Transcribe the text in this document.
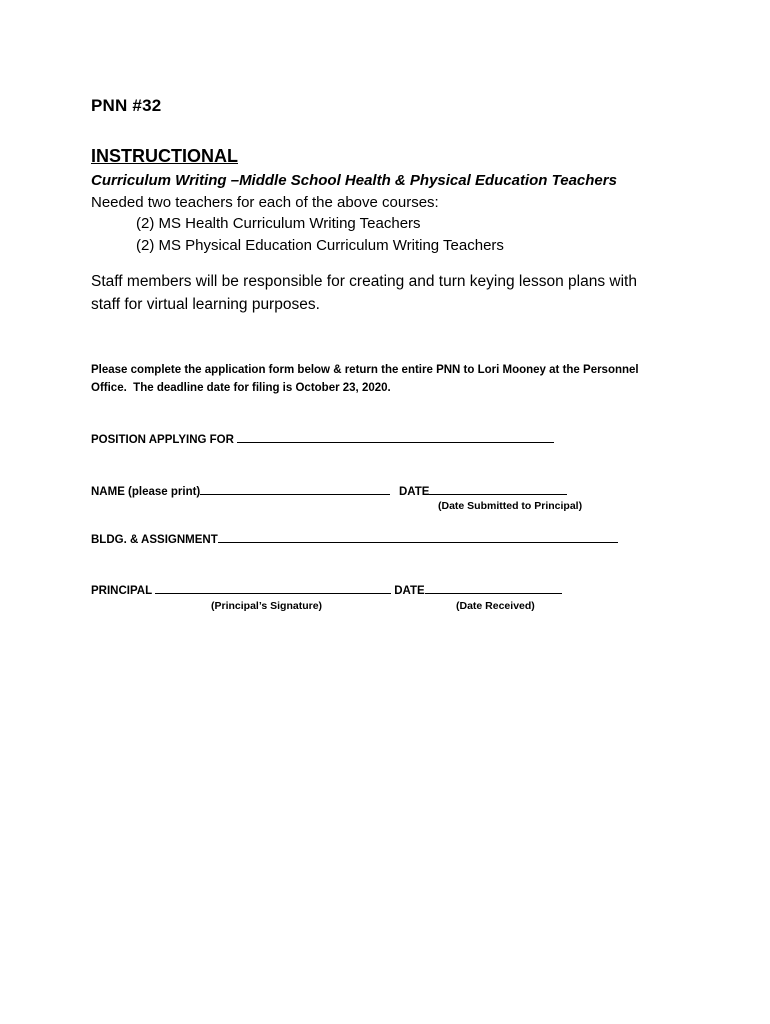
PNN #32
INSTRUCTIONAL
Curriculum Writing –Middle School Health & Physical Education Teachers
Needed two teachers for each of the above courses:
(2) MS Health Curriculum Writing Teachers
(2) MS Physical Education Curriculum Writing Teachers
Staff members will be responsible for creating and turn keying lesson plans with
staff for virtual learning purposes.
Please complete the application form below & return the entire PNN to Lori Mooney at the Personnel
Office.  The deadline date for filing is October 23, 2020.
POSITION APPLYING FOR
NAME (please print)	DATE
(Date Submitted to Principal)
BLDG. & ASSIGNMENT
PRINCIPAL	DATE
(Principal’s Signature)	(Date Received)
